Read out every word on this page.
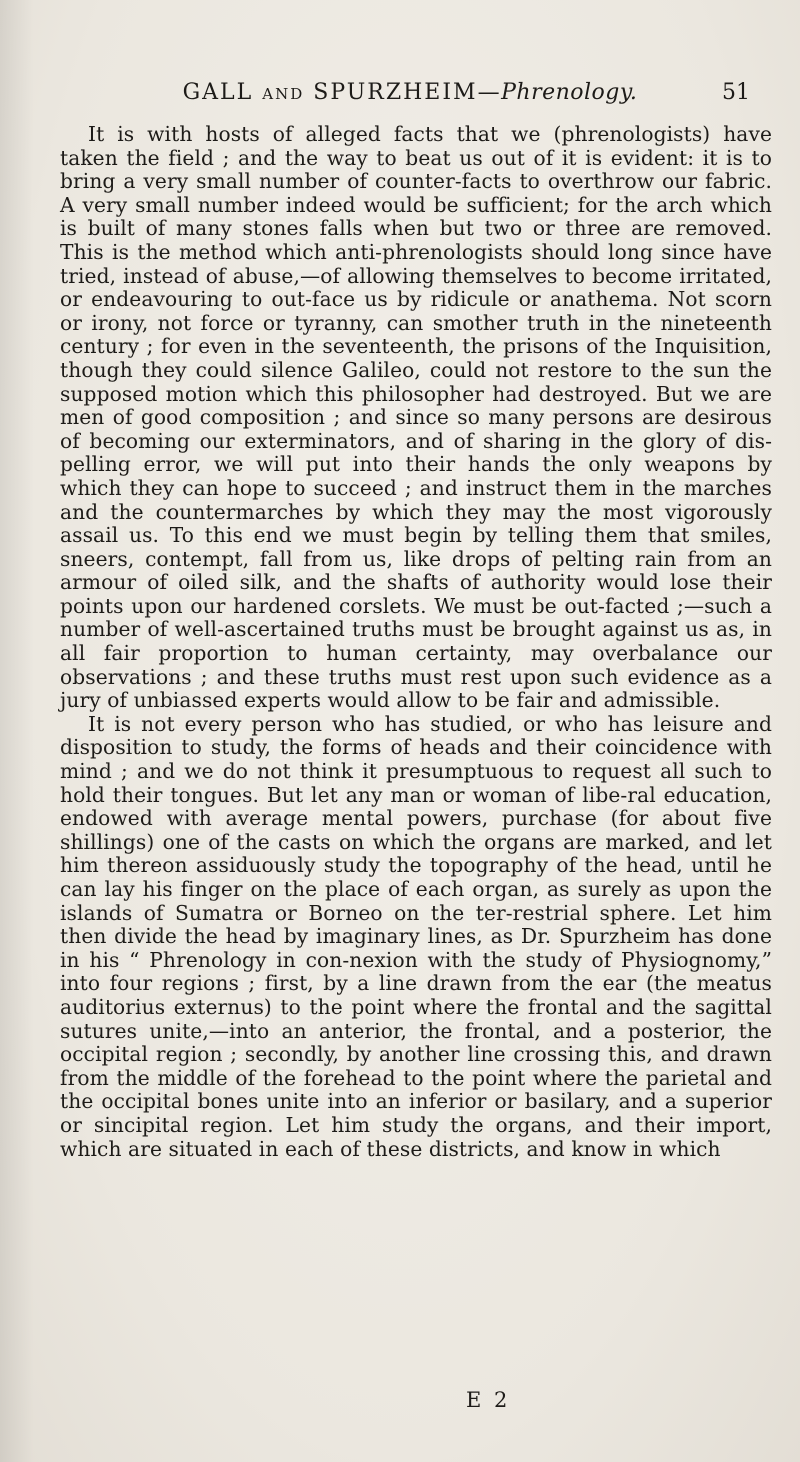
GALL and SPURZHEIM—Phrenology.	51

It is with hosts of alleged facts that we (phrenologists) have taken the field ; and the way to beat us out of it is evident: it is to bring a very small number of counter-facts to overthrow our fabric. A very small number indeed would be sufficient; for the arch which is built of many stones falls when but two or three are removed. This is the method which anti-phrenologists should long since have tried, instead of abuse,—of allowing themselves to become irritated, or endeavouring to out-face us by ridicule or anathema. Not scorn or irony, not force or tyranny, can smother truth in the nineteenth century ; for even in the seventeenth, the prisons of the Inquisition, though they could silence Galileo, could not restore to the sun the supposed motion which this philosopher had destroyed. But we are men of good composition ; and since so many persons are desirous of becoming our exterminators, and of sharing in the glory of dis-pelling error, we will put into their hands the only weapons by which they can hope to succeed ; and instruct them in the marches and the countermarches by which they may the most vigorously assail us. To this end we must begin by telling them that smiles, sneers, contempt, fall from us, like drops of pelting rain from an armour of oiled silk, and the shafts of authority would lose their points upon our hardened corslets. We must be out-facted ;—such a number of well-ascertained truths must be brought against us as, in all fair proportion to human certainty, may overbalance our observations ; and these truths must rest upon such evidence as a jury of unbiassed experts would allow to be fair and admissible.

It is not every person who has studied, or who has leisure and disposition to study, the forms of heads and their coincidence with mind ; and we do not think it presumptuous to request all such to hold their tongues. But let any man or woman of libe-ral education, endowed with average mental powers, purchase (for about five shillings) one of the casts on which the organs are marked, and let him thereon assiduously study the topography of the head, until he can lay his finger on the place of each organ, as surely as upon the islands of Sumatra or Borneo on the ter-restrial sphere. Let him then divide the head by imaginary lines, as Dr. Spurzheim has done in his “ Phrenology in con-nexion with the study of Physiognomy,” into four regions ; first, by a line drawn from the ear (the meatus auditorius externus) to the point where the frontal and the sagittal sutures unite,—into an anterior, the frontal, and a posterior, the occipital region ; secondly, by another line crossing this, and drawn from the middle of the forehead to the point where the parietal and the occipital bones unite into an inferior or basilary, and a superior or sincipital region. Let him study the organs, and their import, which are situated in each of these districts, and know in which

E 2
